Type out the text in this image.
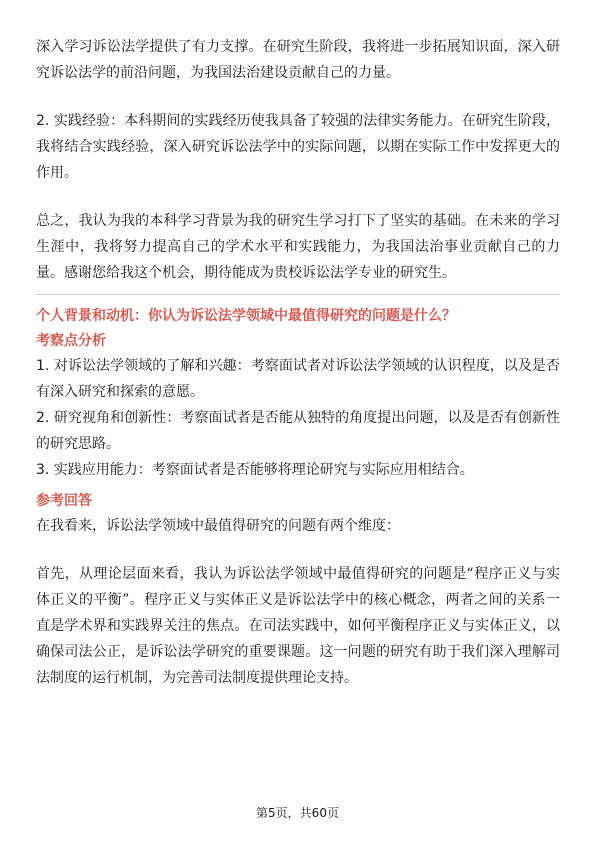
深入学习诉讼法学提供了有力支撑。在研究生阶段，我将进一步拓展知识面，深入研究诉讼法学的前沿问题，为我国法治建设贡献自己的力量。

2. 实践经验：本科期间的实践经历使我具备了较强的法律实务能力。在研究生阶段，我将结合实践经验，深入研究诉讼法学中的实际问题，以期在实际工作中发挥更大的作用。

总之，我认为我的本科学习背景为我的研究生学习打下了坚实的基础。在未来的学习生涯中，我将努力提高自己的学术水平和实践能力，为我国法治事业贡献自己的力量。感谢您给我这个机会，期待能成为贵校诉讼法学专业的研究生。

个人背景和动机：你认为诉讼法学领域中最值得研究的问题是什么？

考察点分析

1. 对诉讼法学领域的了解和兴趣：考察面试者对诉讼法学领域的认识程度，以及是否有深入研究和探索的意愿。

2. 研究视角和创新性：考察面试者是否能从独特的角度提出问题，以及是否有创新性的研究思路。

3. 实践应用能力：考察面试者是否能够将理论研究与实际应用相结合。

参考回答

在我看来，诉讼法学领域中最值得研究的问题有两个维度：

首先，从理论层面来看，我认为诉讼法学领域中最值得研究的问题是“程序正义与实体正义的平衡”。程序正义与实体正义是诉讼法学中的核心概念，两者之间的关系一直是学术界和实践界关注的焦点。在司法实践中，如何平衡程序正义与实体正义，以确保司法公正，是诉讼法学研究的重要课题。这一问题的研究有助于我们深入理解司法制度的运行机制，为完善司法制度提供理论支持。

第5页，共60页
